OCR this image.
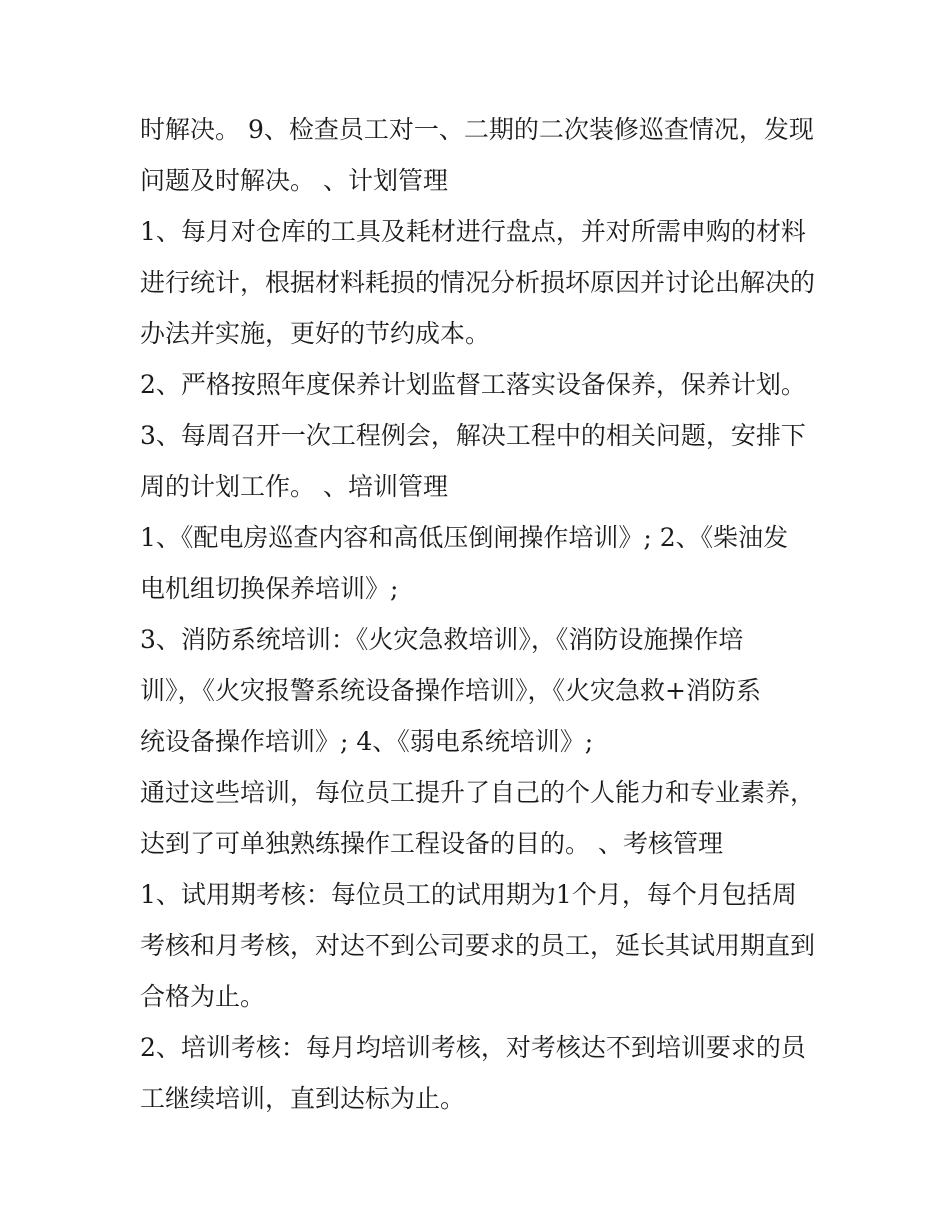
时解决。 9、检查员工对一、二期的二次装修巡查情况，发现
问题及时解决。 、计划管理
1、每月对仓库的工具及耗材进行盘点，并对所需申购的材料
进行统计，根据材料耗损的情况分析损坏原因并讨论出解决的
办法并实施，更好的节约成本。
2、严格按照年度保养计划监督工落实设备保养，保养计划。
3、每周召开一次工程例会，解决工程中的相关问题，安排下
周的计划工作。 、培训管理
1、《配电房巡查内容和高低压倒闸操作培训》; 2、《柴油发
电机组切换保养培训》;
3、消防系统培训：《火灾急救培训》，《消防设施操作培
训》，《火灾报警系统设备操作培训》，《火灾急救+消防系
统设备操作培训》; 4、《弱电系统培训》;
通过这些培训，每位员工提升了自己的个人能力和专业素养，
达到了可单独熟练操作工程设备的目的。 、考核管理
1、试用期考核：每位员工的试用期为1个月，每个月包括周
考核和月考核，对达不到公司要求的员工，延长其试用期直到
合格为止。
2、培训考核：每月均培训考核，对考核达不到培训要求的员
工继续培训，直到达标为止。
